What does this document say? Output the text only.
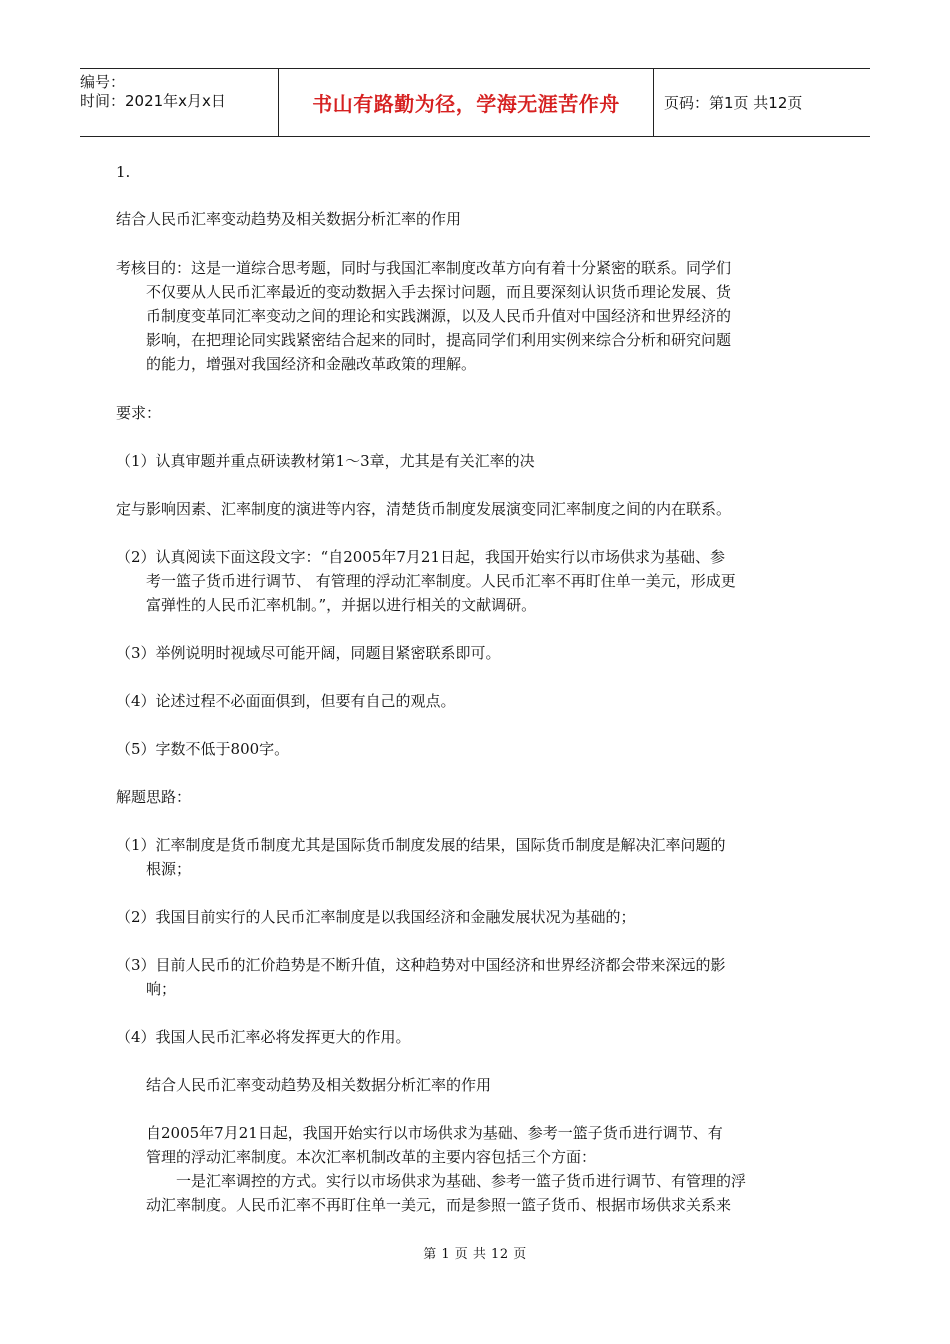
编号：
时间：2021年x月x日	书山有路勤为径，学海无涯苦作舟	页码：第1页 共12页
1.
结合人民币汇率变动趋势及相关数据分析汇率的作用
考核目的：这是一道综合思考题，同时与我国汇率制度改革方向有着十分紧密的联系。同学们
不仅要从人民币汇率最近的变动数据入手去探讨问题，而且要深刻认识货币理论发展、货
币制度变革同汇率变动之间的理论和实践渊源，以及人民币升值对中国经济和世界经济的
影响，在把理论同实践紧密结合起来的同时，提高同学们利用实例来综合分析和研究问题
的能力，增强对我国经济和金融改革政策的理解。
要求：
（1）认真审题并重点研读教材第1～3章，尤其是有关汇率的决
定与影响因素、汇率制度的演进等内容，清楚货币制度发展演变同汇率制度之间的内在联系。
（2）认真阅读下面这段文字：“自2005年7月21日起，我国开始实行以市场供求为基础、参
考一篮子货币进行调节、 有管理的浮动汇率制度。人民币汇率不再盯住单一美元，形成更
富弹性的人民币汇率机制。”，并据以进行相关的文献调研。
（3）举例说明时视域尽可能开阔，同题目紧密联系即可。
（4）论述过程不必面面俱到，但要有自己的观点。
（5）字数不低于800字。
解题思路：
（1）汇率制度是货币制度尤其是国际货币制度发展的结果，国际货币制度是解决汇率问题的
根源；
（2）我国目前实行的人民币汇率制度是以我国经济和金融发展状况为基础的；
（3）目前人民币的汇价趋势是不断升值，这种趋势对中国经济和世界经济都会带来深远的影
响；
（4）我国人民币汇率必将发挥更大的作用。
结合人民币汇率变动趋势及相关数据分析汇率的作用
自2005年7月21日起，我国开始实行以市场供求为基础、参考一篮子货币进行调节、有
管理的浮动汇率制度。本次汇率机制改革的主要内容包括三个方面：
一是汇率调控的方式。实行以市场供求为基础、参考一篮子货币进行调节、有管理的浮
动汇率制度。人民币汇率不再盯住单一美元，而是参照一篮子货币、根据市场供求关系来
第 1 页 共 12 页
